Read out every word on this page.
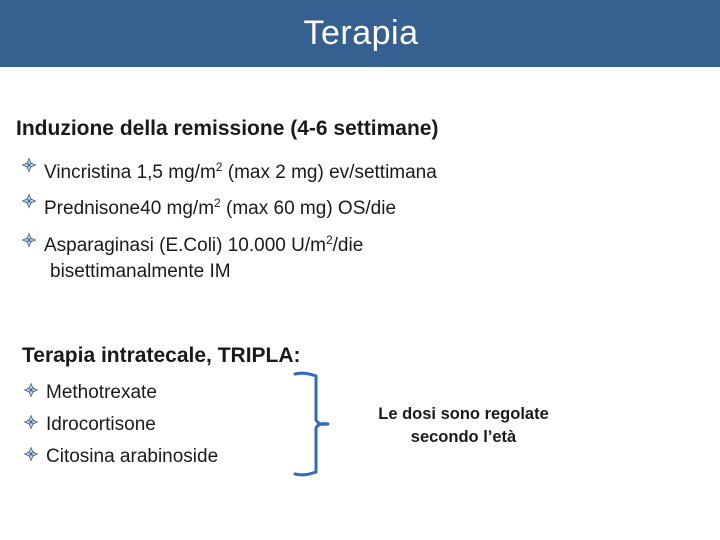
Terapia
Induzione della remissione (4-6 settimane)
Vincristina 1,5 $mg/m^2$ (max 2 mg) ev/settimana
Prednisone40 $mg/m^2$ (max 60 mg) OS/die
Asparaginasi (E.Coli) 10.000 $U/m^2$/die
bisettimanalmente IM
Terapia intratecale, TRIPLA:
Methotrexate
Idrocortisone
Citosina arabinoside
Le dosi sono regolate
secondo l’età
